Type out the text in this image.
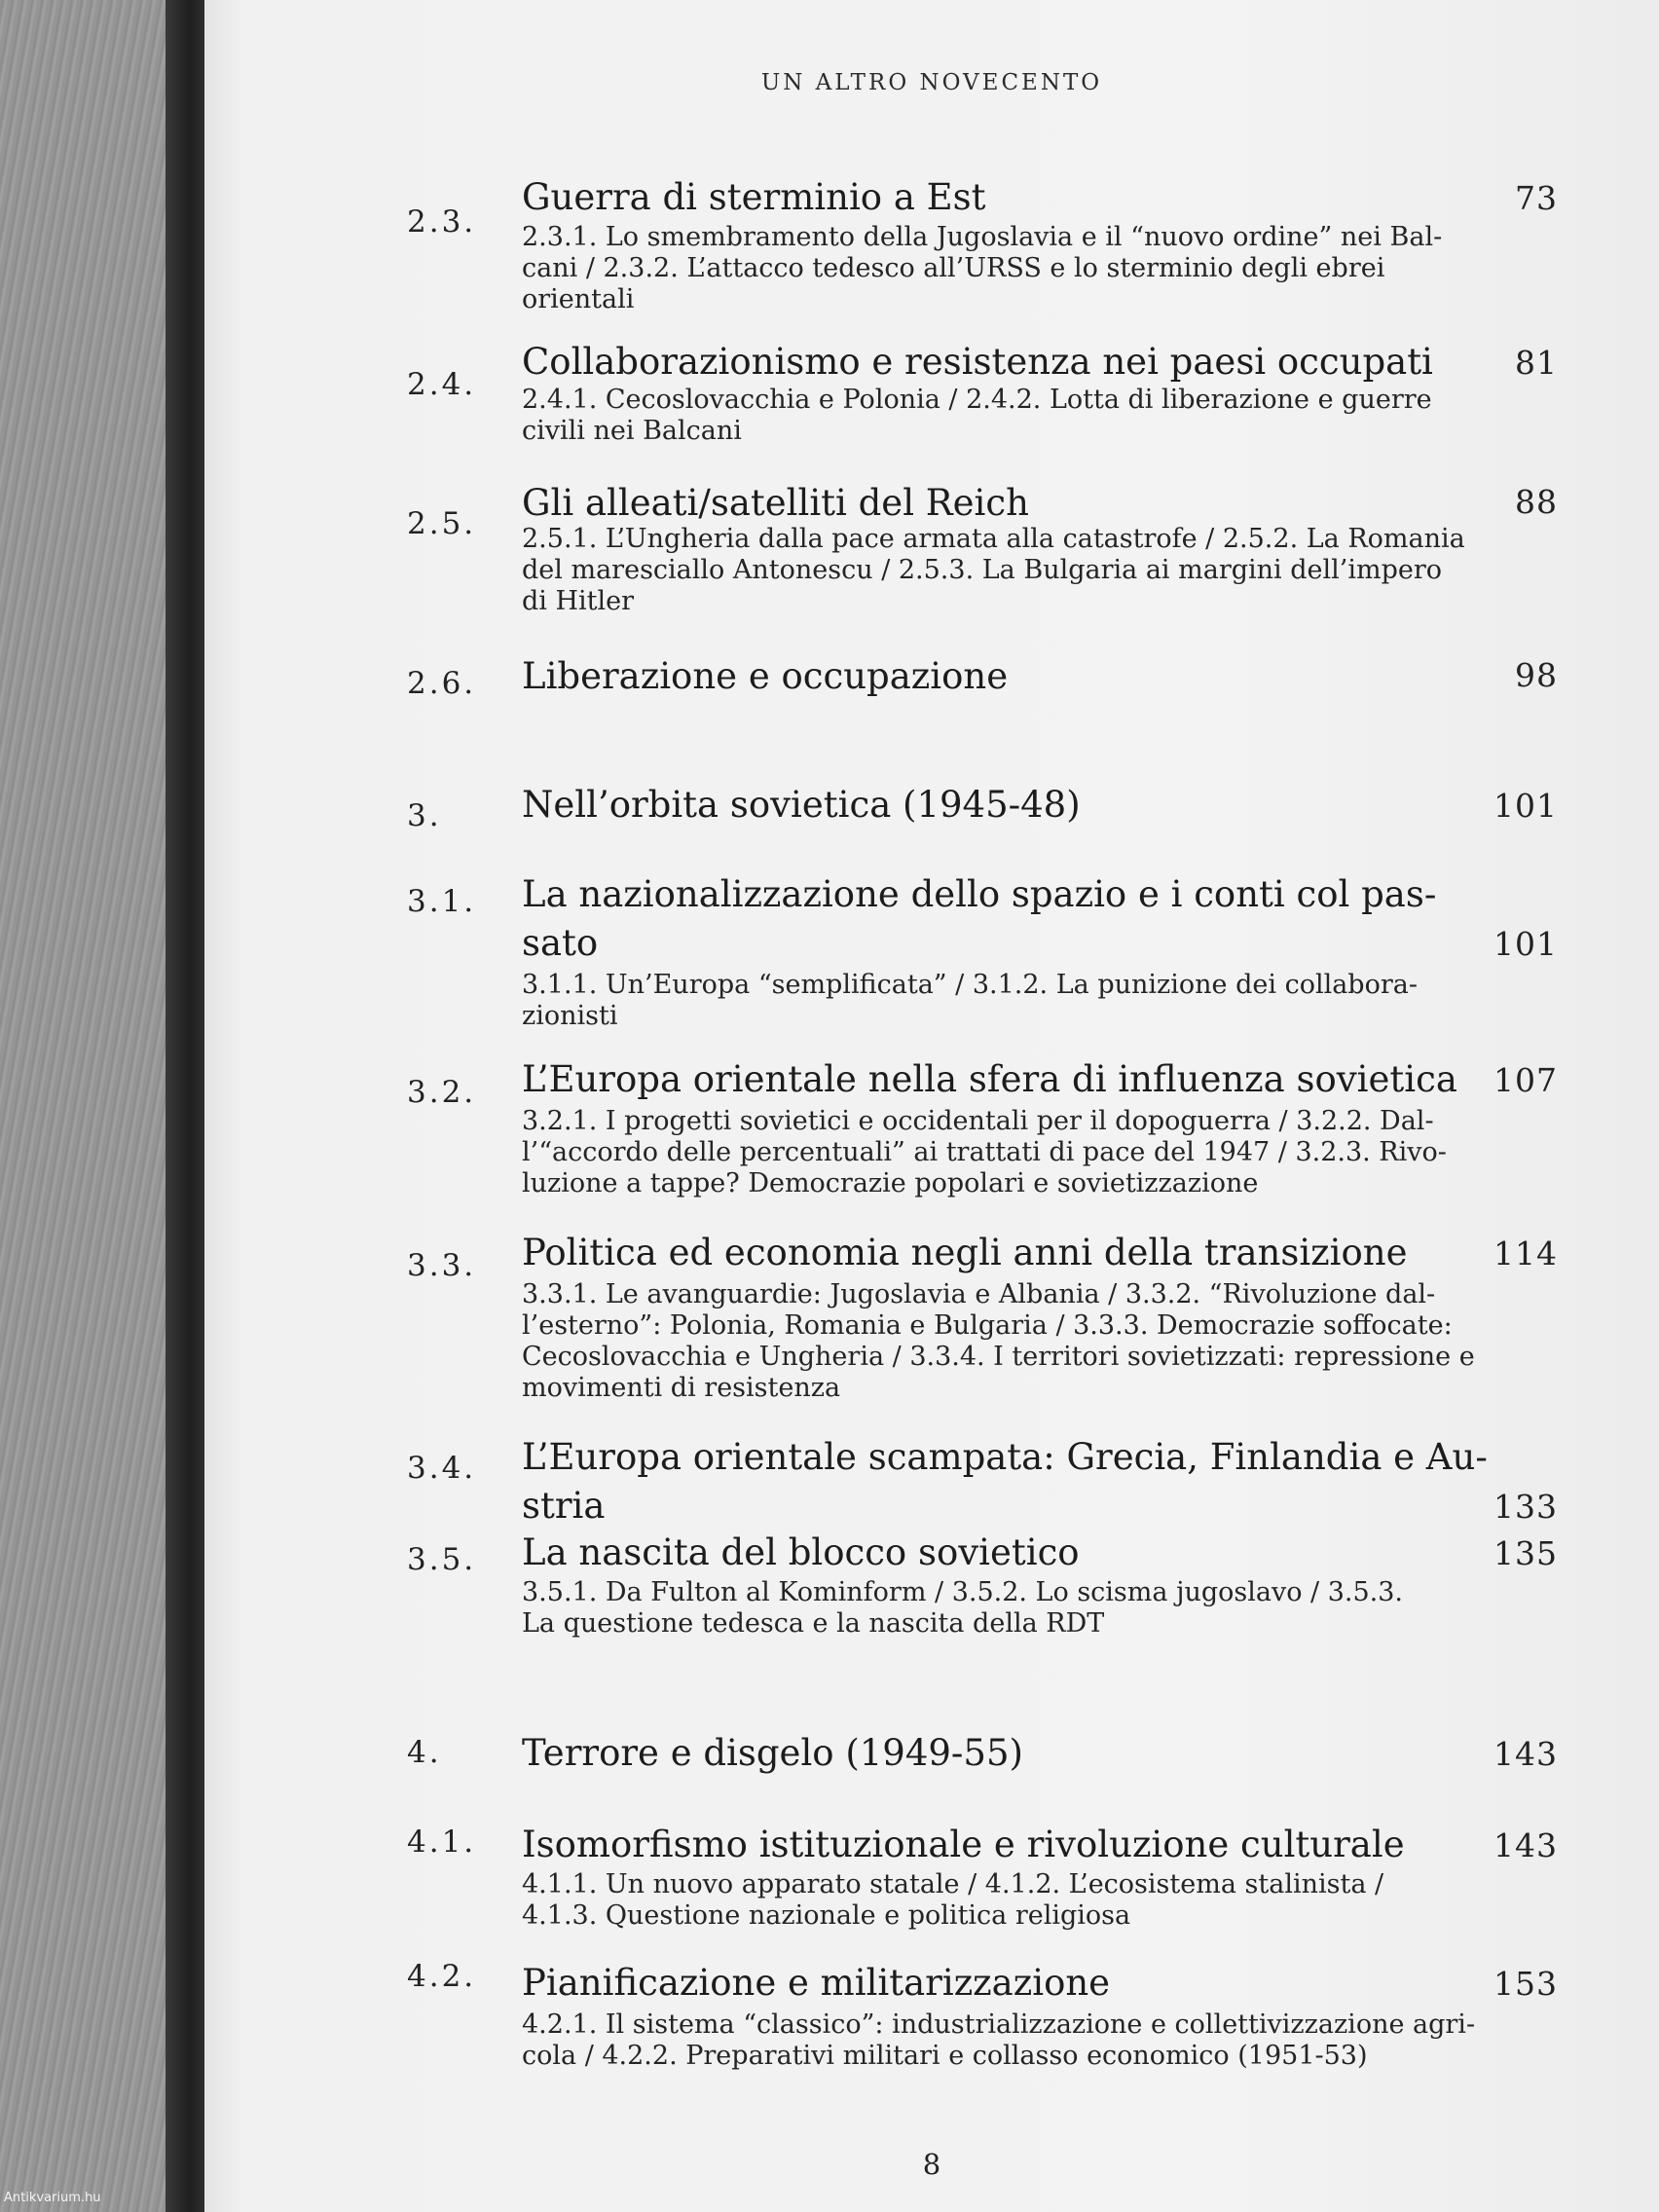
UN ALTRO NOVECENTO
2.3.
Guerra di sterminio a Est	73
2.3.1. Lo smembramento della Jugoslavia e il “nuovo ordine” nei Bal-
cani / 2.3.2. L’attacco tedesco all’URSS e lo sterminio degli ebrei
orientali
2.4.
Collaborazionismo e resistenza nei paesi occupati	81
2.4.1. Cecoslovacchia e Polonia / 2.4.2. Lotta di liberazione e guerre
civili nei Balcani
2.5. Gli alleati/satelliti del Reich	88
2.5.1. L’Ungheria dalla pace armata alla catastrofe / 2.5.2. La Romania
del maresciallo Antonescu / 2.5.3. La Bulgaria ai margini dell’impero
di Hitler
2.6. Liberazione e occupazione	98
3. Nell’orbita sovietica (1945-48)	101
3.1. La nazionalizzazione dello spazio e i conti col pas-
sato	101
3.1.1. Un’Europa “semplificata” / 3.1.2. La punizione dei collabora-
zionisti
3.2. L’Europa orientale nella sfera di influenza sovietica	107
3.2.1. I progetti sovietici e occidentali per il dopoguerra / 3.2.2. Dal-
l’“accordo delle percentuali” ai trattati di pace del 1947 / 3.2.3. Rivo-
luzione a tappe? Democrazie popolari e sovietizzazione
3.3. Politica ed economia negli anni della transizione	114
3.3.1. Le avanguardie: Jugoslavia e Albania / 3.3.2. “Rivoluzione dal-
l’esterno”: Polonia, Romania e Bulgaria / 3.3.3. Democrazie soffocate:
Cecoslovacchia e Ungheria / 3.3.4. I territori sovietizzati: repressione e
movimenti di resistenza
3.4. L’Europa orientale scampata: Grecia, Finlandia e Au-
stria	133
3.5. La nascita del blocco sovietico	135
3.5.1. Da Fulton al Kominform / 3.5.2. Lo scisma jugoslavo / 3.5.3.
La questione tedesca e la nascita della RDT
4. Terrore e disgelo (1949-55)	143
4.1. Isomorfismo istituzionale e rivoluzione culturale	143
4.1.1. Un nuovo apparato statale / 4.1.2. L’ecosistema stalinista /
4.1.3. Questione nazionale e politica religiosa
4.2. Pianificazione e militarizzazione	153
4.2.1. Il sistema “classico”: industrializzazione e collettivizzazione agri-
cola / 4.2.2. Preparativi militari e collasso economico (1951-53)
8
Antikvarium.hu
